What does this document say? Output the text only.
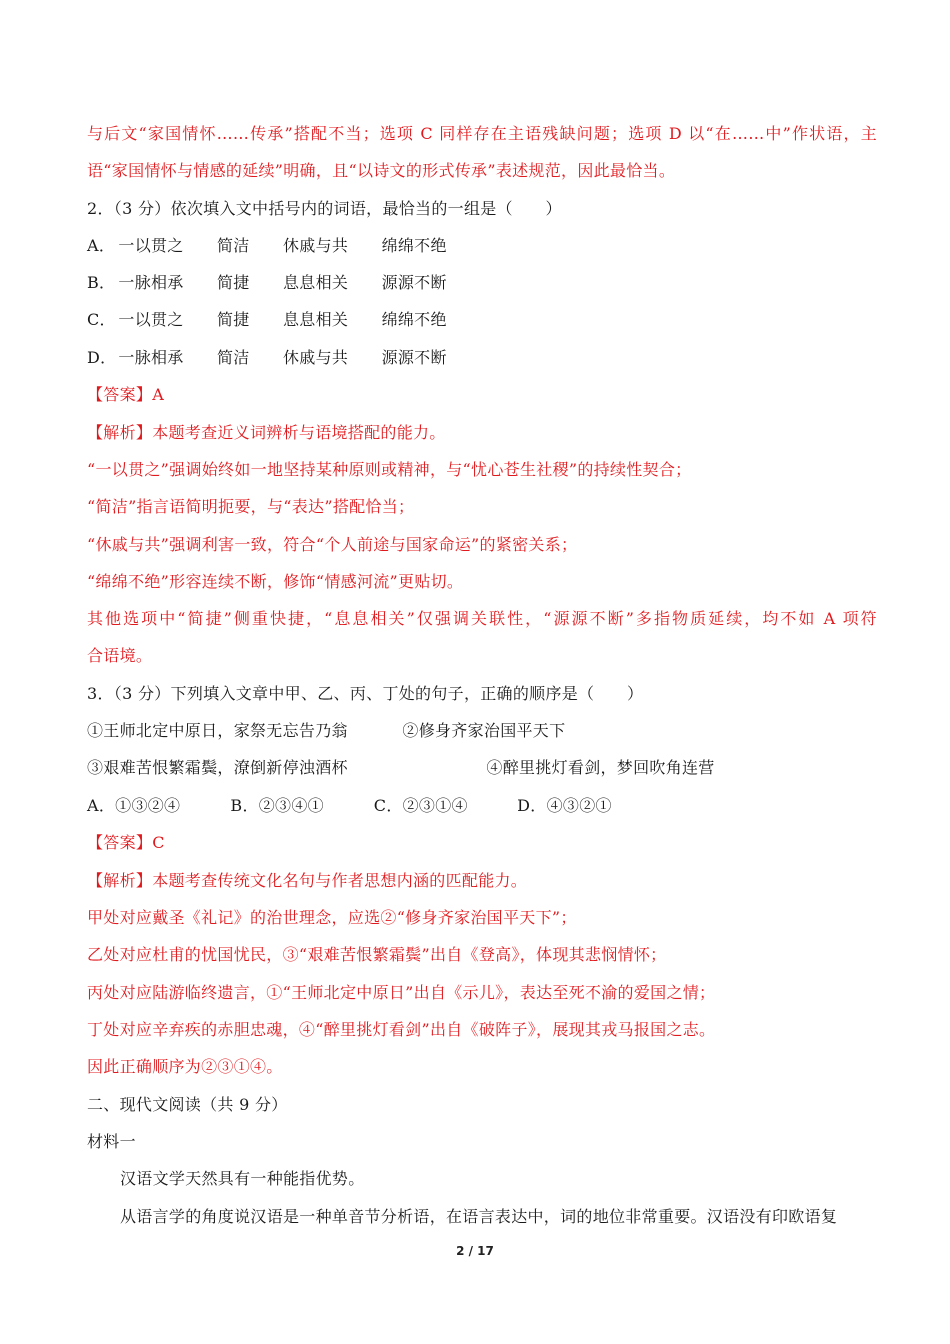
与后文“家国情怀……传承”搭配不当；选项 C 同样存在主语残缺问题；选项 D 以“在……中”作状语，主
语“家国情怀与情感的延续”明确，且“以诗文的形式传承”表述规范，因此最恰当。
2．（3 分）依次填入文中括号内的词语，最恰当的一组是（　　）
A． 一以贯之 简洁 休戚与共 绵绵不绝
B． 一脉相承 简捷 息息相关 源源不断
C． 一以贯之 简捷 息息相关 绵绵不绝
D． 一脉相承 简洁 休戚与共 源源不断
【答案】A
【解析】本题考查近义词辨析与语境搭配的能力。
“一以贯之”强调始终如一地坚持某种原则或精神，与“忧心苍生社稷”的持续性契合；
“简洁”指言语简明扼要，与“表达”搭配恰当；
“休戚与共”强调利害一致，符合“个人前途与国家命运”的紧密关系；
“绵绵不绝”形容连续不断，修饰“情感河流”更贴切。
其他选项中“简捷”侧重快捷，“息息相关”仅强调关联性，“源源不断”多指物质延续，均不如 A 项符
合语境。
3．（3 分）下列填入文章中甲、乙、丙、丁处的句子，正确的顺序是（　　）
①王师北定中原日，家祭无忘告乃翁	②修身齐家治国平天下
③艰难苦恨繁霜鬓，潦倒新停浊酒杯	④醉里挑灯看剑，梦回吹角连营
A．①③②④	B．②③④①	C．②③①④	D．④③②①
【答案】C
【解析】本题考查传统文化名句与作者思想内涵的匹配能力。
甲处对应戴圣《礼记》的治世理念，应选②“修身齐家治国平天下”；
乙处对应杜甫的忧国忧民，③“艰难苦恨繁霜鬓”出自《登高》，体现其悲悯情怀；
丙处对应陆游临终遗言，①“王师北定中原日”出自《示儿》，表达至死不渝的爱国之情；
丁处对应辛弃疾的赤胆忠魂，④“醉里挑灯看剑”出自《破阵子》，展现其戎马报国之志。
因此正确顺序为②③①④。
二、现代文阅读（共 9 分）
材料一
汉语文学天然具有一种能指优势。
从语言学的角度说汉语是一种单音节分析语，在语言表达中，词的地位非常重要。汉语没有印欧语复
2 / 17
